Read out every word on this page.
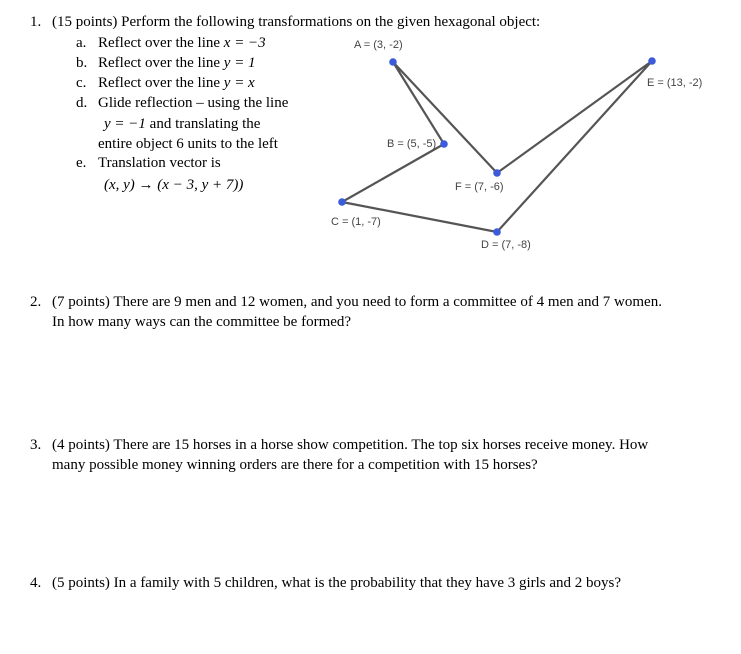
1. (15 points) Perform the following transformations on the given hexagonal object:
a. Reflect over the line x = −3
b. Reflect over the line y = 1
c. Reflect over the line y = x
d. Glide reflection – using the line
y = −1 and translating the
entire object 6 units to the left
e. Translation vector is
(x, y) → (x − 3, y + 7))
A = (3, -2)
B = (5, -5)
C = (1, -7)
D = (7, -8)
E = (13, -2)
F = (7, -6)
2. (7 points) There are 9 men and 12 women, and you need to form a committee of 4 men and 7 women.
In how many ways can the committee be formed?
3. (4 points) There are 15 horses in a horse show competition. The top six horses receive money. How
many possible money winning orders are there for a competition with 15 horses?
4. (5 points) In a family with 5 children, what is the probability that they have 3 girls and 2 boys?
